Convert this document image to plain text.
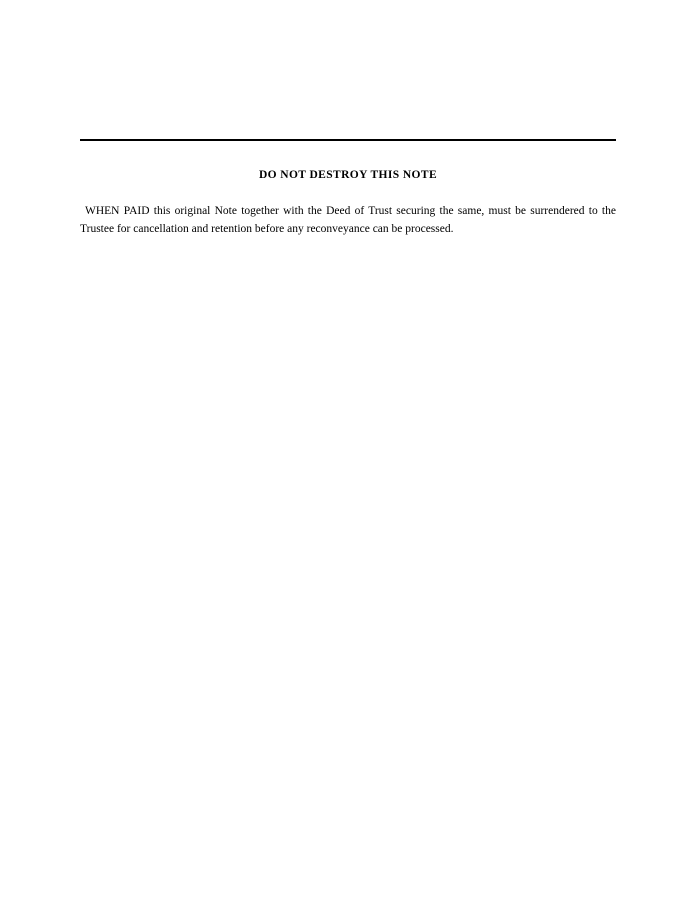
DO NOT DESTROY THIS NOTE
WHEN PAID this original Note together with the Deed of Trust securing the same, must be surrendered to the Trustee for cancellation and retention before any reconveyance can be processed.
